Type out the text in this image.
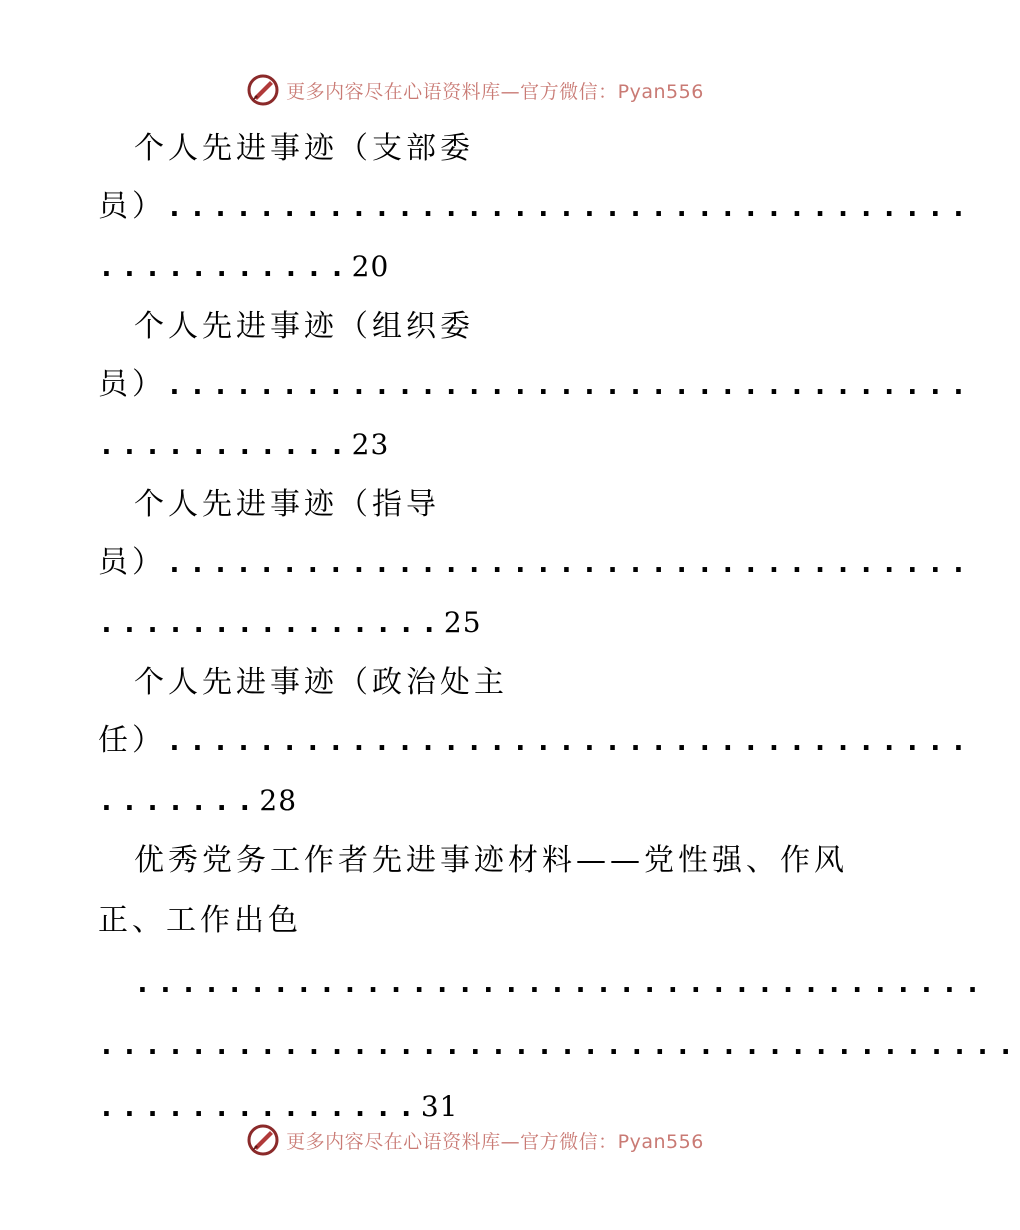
更多内容尽在心语资料库—官方微信：Pyan556
个人先进事迹（支部委
员）...................................
...........20
个人先进事迹（组织委
员）...................................
...........23
个人先进事迹（指导
员）...................................
...............25
个人先进事迹（政治处主
任）...................................
.......28
优秀党务工作者先进事迹材料——党性强、作风
正、工作出色
.....................................
........................................
..............31
更多内容尽在心语资料库—官方微信：Pyan556
